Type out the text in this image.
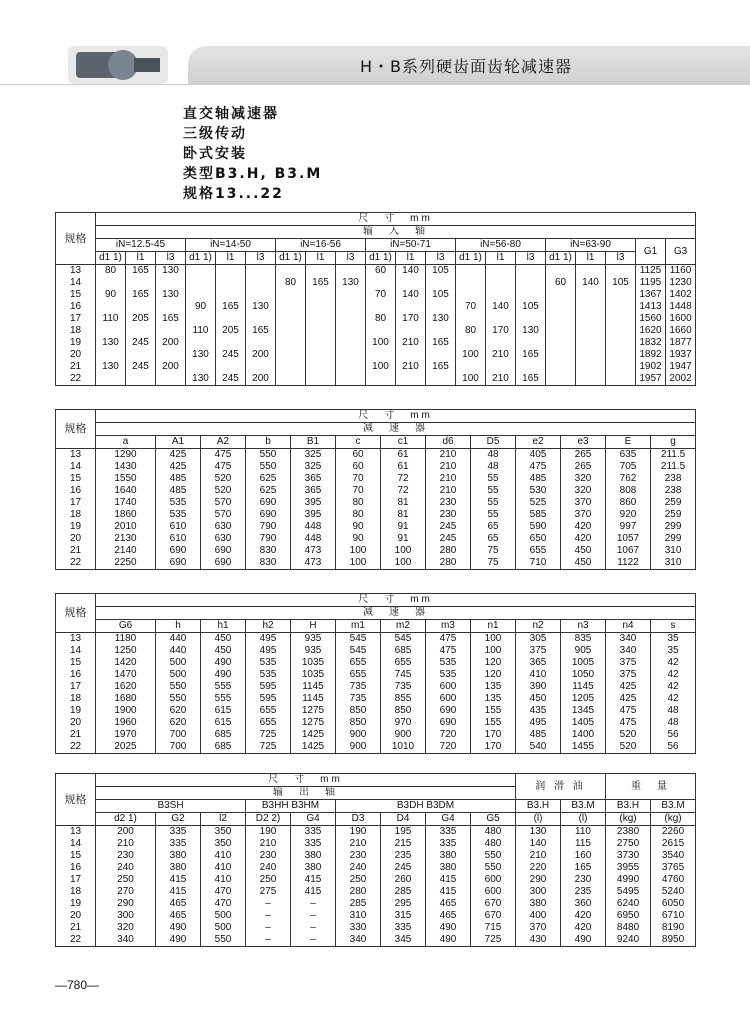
H・B系列硬齿面齿轮减速器
直交轴减速器
三级传动
卧式安装
类型B3.H, B3.M
规格13...22
规格	尺　寸　mm																			
	输　入　轴																			
	iN=12.5-45			iN=14-50			iN=16-56			iN=50-71			iN=56-80			iN=63-90			G1	G3
	d1 1)	l1	l3	d1 1)	l1	l3	d1 1)	l1	l3	d1 1)	l1	l3	d1 1)	l1	l3	d1 1)	l1	l3		
13	80	165	130							60	140	105							1125	1160
14							80	165	130							60	140	105	1195	1230
15	90	165	130							70	140	105							1367	1402
16				90	165	130							70	140	105				1413	1448
17	110	205	165							80	170	130							1560	1600
18				110	205	165							80	170	130				1620	1660
19	130	245	200							100	210	165							1832	1877
20				130	245	200							100	210	165				1892	1937
21	130	245	200							100	210	165							1902	1947
22				130	245	200							100	210	165				1957	2002
规格	尺　寸　mm												
	减　速　器												
	a	A1	A2	b	B1	c	c1	d6	D5	e2	e3	E	g
13	1290	425	475	550	325	60	61	210	48	405	265	635	211.5
14	1430	425	475	550	325	60	61	210	48	475	265	705	211.5
15	1550	485	520	625	365	70	72	210	55	485	320	762	238
16	1640	485	520	625	365	70	72	210	55	530	320	808	238
17	1740	535	570	690	395	80	81	230	55	525	370	860	259
18	1860	535	570	690	395	80	81	230	55	585	370	920	259
19	2010	610	630	790	448	90	91	245	65	590	420	997	299
20	2130	610	630	790	448	90	91	245	65	650	420	1057	299
21	2140	690	690	830	473	100	100	280	75	655	450	1067	310
22	2250	690	690	830	473	100	100	280	75	710	450	1122	310
规格	尺　寸　mm												
	减　速　器												
	G6	h	h1	h2	H	m1	m2	m3	n1	n2	n3	n4	s
13	1180	440	450	495	935	545	545	475	100	305	835	340	35
14	1250	440	450	495	935	545	685	475	100	375	905	340	35
15	1420	500	490	535	1035	655	655	535	120	365	1005	375	42
16	1470	500	490	535	1035	655	745	535	120	410	1050	375	42
17	1620	550	555	595	1145	735	735	600	135	390	1145	425	42
18	1680	550	555	595	1145	735	855	600	135	450	1205	425	42
19	1900	620	615	655	1275	850	850	690	155	435	1345	475	48
20	1960	620	615	655	1275	850	970	690	155	495	1405	475	48
21	1970	700	685	725	1425	900	900	720	170	485	1400	520	56
22	2025	700	685	725	1425	900	1010	720	170	540	1455	520	56
规格	尺　寸　mm									润 滑 油		重　量	
	输　出　轴												
	B3SH			B3HH B3HM		B3DH B3DM				B3.H	B3.M	B3.H	B3.M
	d2 1)	G2	l2	D2 2)	G4	D3	D4	G4	G5	(l)	(l)	(kg)	(kg)
13	200	335	350	190	335	190	195	335	480	130	110	2380	2260
14	210	335	350	210	335	210	215	335	480	140	115	2750	2615
15	230	380	410	230	380	230	235	380	550	210	160	3730	3540
16	240	380	410	240	380	240	245	380	550	220	165	3955	3765
17	250	415	410	250	415	250	260	415	600	290	230	4990	4760
18	270	415	470	275	415	280	285	415	600	300	235	5495	5240
19	290	465	470	–	–	285	295	465	670	380	360	6240	6050
20	300	465	500	–	–	310	315	465	670	400	420	6950	6710
21	320	490	500	–	–	330	335	490	715	370	420	8480	8190
22	340	490	550	–	–	340	345	490	725	430	490	9240	8950
—780—
